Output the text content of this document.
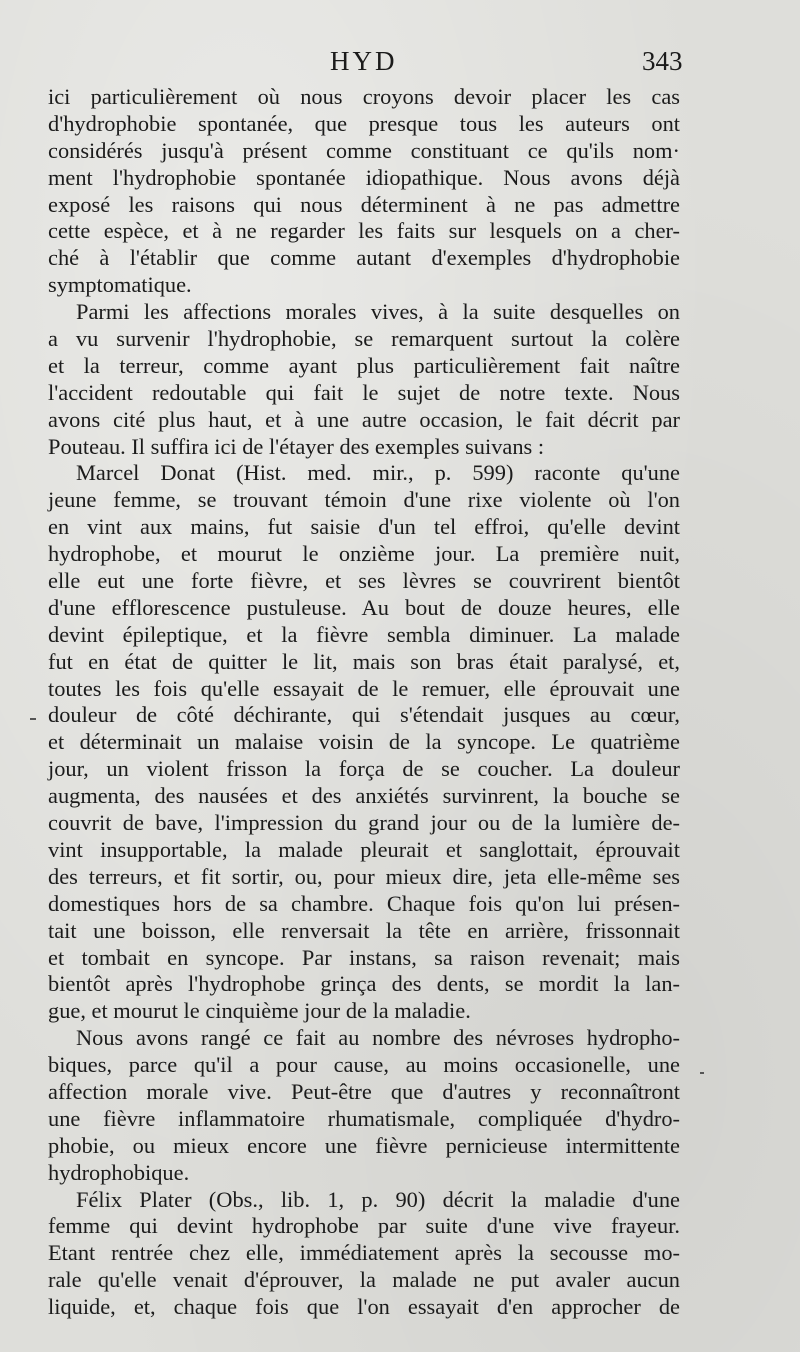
HYD	343
ici particulièrement où nous croyons devoir placer les cas
d'hydrophobie spontanée, que presque tous les auteurs ont
considérés jusqu'à présent comme constituant ce qu'ils nom·
ment l'hydrophobie spontanée idiopathique. Nous avons déjà
exposé les raisons qui nous déterminent à ne pas admettre
cette espèce, et à ne regarder les faits sur lesquels on a cher-
ché à l'établir que comme autant d'exemples d'hydrophobie
symptomatique.
Parmi les affections morales vives, à la suite desquelles on
a vu survenir l'hydrophobie, se remarquent surtout la colère
et la terreur, comme ayant plus particulièrement fait naître
l'accident redoutable qui fait le sujet de notre texte. Nous
avons cité plus haut, et à une autre occasion, le fait décrit par
Pouteau. Il suffira ici de l'étayer des exemples suivans :
Marcel Donat (Hist. med. mir., p. 599) raconte qu'une
jeune femme, se trouvant témoin d'une rixe violente où l'on
en vint aux mains, fut saisie d'un tel effroi, qu'elle devint
hydrophobe, et mourut le onzième jour. La première nuit,
elle eut une forte fièvre, et ses lèvres se couvrirent bientôt
d'une efflorescence pustuleuse. Au bout de douze heures, elle
devint épileptique, et la fièvre sembla diminuer. La malade
fut en état de quitter le lit, mais son bras était paralysé, et,
toutes les fois qu'elle essayait de le remuer, elle éprouvait une
douleur de côté déchirante, qui s'étendait jusques au cœur,
et déterminait un malaise voisin de la syncope. Le quatrième
jour, un violent frisson la força de se coucher. La douleur
augmenta, des nausées et des anxiétés survinrent, la bouche se
couvrit de bave, l'impression du grand jour ou de la lumière de-
vint insupportable, la malade pleurait et sanglottait, éprouvait
des terreurs, et fit sortir, ou, pour mieux dire, jeta elle-même ses
domestiques hors de sa chambre. Chaque fois qu'on lui présen-
tait une boisson, elle renversait la tête en arrière, frissonnait
et tombait en syncope. Par instans, sa raison revenait; mais
bientôt après l'hydrophobe grinça des dents, se mordit la lan-
gue, et mourut le cinquième jour de la maladie.
Nous avons rangé ce fait au nombre des névroses hydropho-
biques, parce qu'il a pour cause, au moins occasionelle, une
affection morale vive. Peut-être que d'autres y reconnaîtront
une fièvre inflammatoire rhumatismale, compliquée d'hydro-
phobie, ou mieux encore une fièvre pernicieuse intermittente
hydrophobique.
Félix Plater (Obs., lib. 1, p. 90) décrit la maladie d'une
femme qui devint hydrophobe par suite d'une vive frayeur.
Etant rentrée chez elle, immédiatement après la secousse mo-
rale qu'elle venait d'éprouver, la malade ne put avaler aucun
liquide, et, chaque fois que l'on essayait d'en approcher de
